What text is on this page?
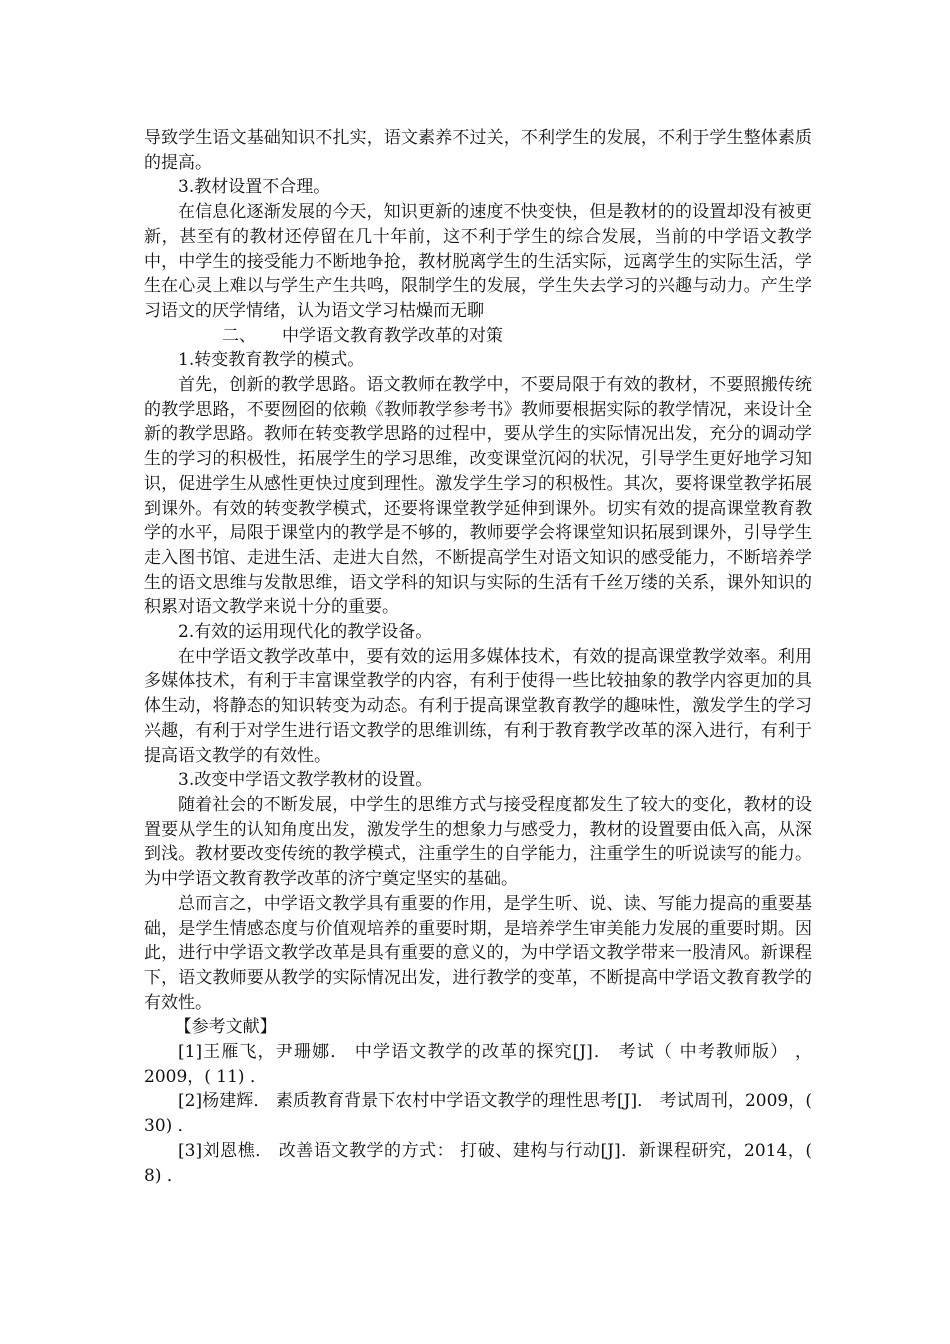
导致学生语文基础知识不扎实，语文素养不过关，不利学生的发展，不利于学生整体素质的提高。

3.教材设置不合理。

在信息化逐渐发展的今天，知识更新的速度不快变快，但是教材的的设置却没有被更新，甚至有的教材还停留在几十年前，这不利于学生的综合发展，当前的中学语文教学中，中学生的接受能力不断地争抢，教材脱离学生的生活实际，远离学生的实际生活，学生在心灵上难以与学生产生共鸣，限制学生的发展，学生失去学习的兴趣与动力。产生学习语文的厌学情绪，认为语文学习枯燥而无聊

二、 中学语文教育教学改革的对策

1.转变教育教学的模式。

首先，创新的教学思路。语文教师在教学中，不要局限于有效的教材，不要照搬传统的教学思路，不要囫囵的依赖《教师教学参考书》教师要根据实际的教学情况，来设计全新的教学思路。教师在转变教学思路的过程中，要从学生的实际情况出发，充分的调动学生的学习的积极性，拓展学生的学习思维，改变课堂沉闷的状况，引导学生更好地学习知识，促进学生从感性更快过度到理性。激发学生学习的积极性。其次，要将课堂教学拓展到课外。有效的转变教学模式，还要将课堂教学延伸到课外。切实有效的提高课堂教育教学的水平，局限于课堂内的教学是不够的，教师要学会将课堂知识拓展到课外，引导学生走入图书馆、走进生活、走进大自然，不断提高学生对语文知识的感受能力，不断培养学生的语文思维与发散思维，语文学科的知识与实际的生活有千丝万缕的关系，课外知识的积累对语文教学来说十分的重要。

2.有效的运用现代化的教学设备。

在中学语文教学改革中，要有效的运用多媒体技术，有效的提高课堂教学效率。利用多媒体技术，有利于丰富课堂教学的内容，有利于使得一些比较抽象的教学内容更加的具体生动，将静态的知识转变为动态。有利于提高课堂教育教学的趣味性，激发学生的学习兴趣，有利于对学生进行语文教学的思维训练，有利于教育教学改革的深入进行，有利于提高语文教学的有效性。

3.改变中学语文教学教材的设置。

随着社会的不断发展，中学生的思维方式与接受程度都发生了较大的变化，教材的设置要从学生的认知角度出发，激发学生的想象力与感受力，教材的设置要由低入高，从深到浅。教材要改变传统的教学模式，注重学生的自学能力，注重学生的听说读写的能力。为中学语文教育教学改革的济宁奠定坚实的基础。

总而言之，中学语文教学具有重要的作用，是学生听、说、读、写能力提高的重要基础，是学生情感态度与价值观培养的重要时期，是培养学生审美能力发展的重要时期。因此，进行中学语文教学改革是具有重要的意义的，为中学语文教学带来一股清风。新课程下，语文教师要从教学的实际情况出发，进行教学的变革，不断提高中学语文教育教学的有效性。

【参考文献】

[1]王雁飞，尹珊娜． 中学语文教学的改革的探究[J]． 考试（ 中考教师版） ，2009，( 11) ．

[2]杨建辉． 素质教育背景下农村中学语文教学的理性思考[J]． 考试周刊，2009，( 30) ．

[3]刘恩樵． 改善语文教学的方式： 打破、建构与行动[J]．新课程研究，2014，( 8) ．
